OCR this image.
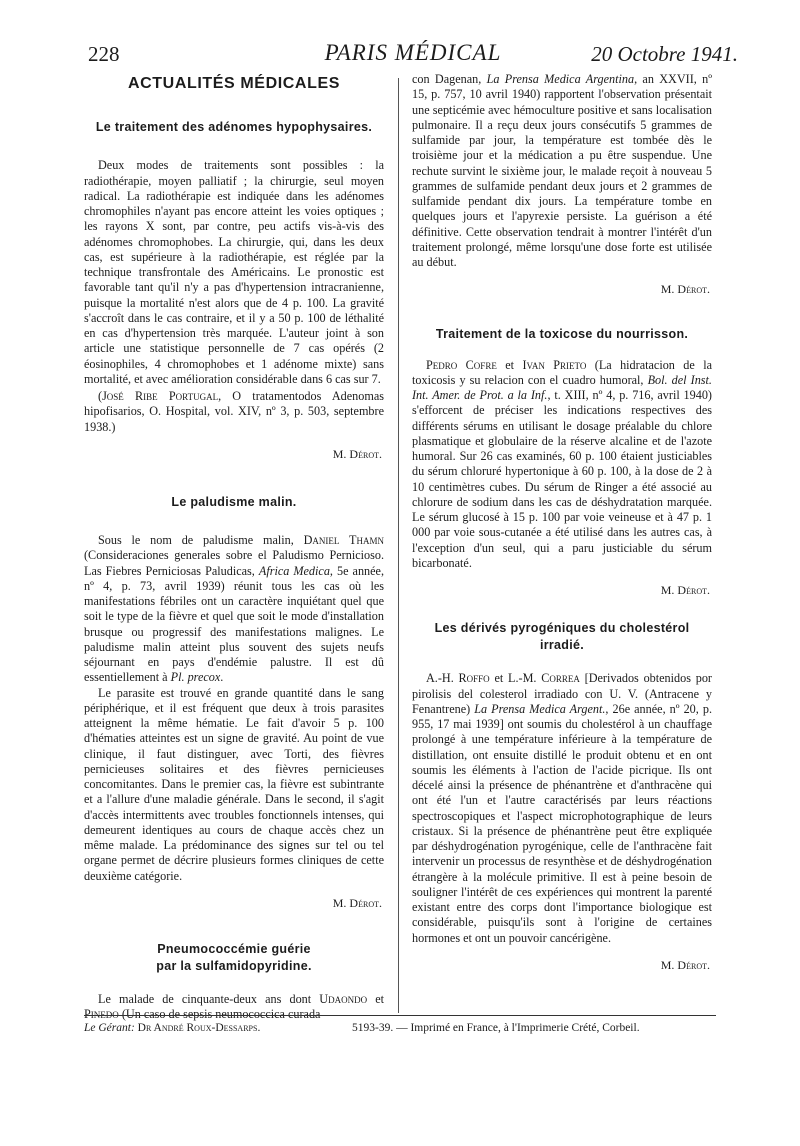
228	PARIS MÉDICAL	20 Octobre 1941.
ACTUALITÉS MÉDICALES
Le traitement des adénomes hypophysaires.

Deux modes de traitements sont possibles : la radiothérapie, moyen palliatif ; la chirurgie, seul moyen radical. La radiothérapie est indiquée dans les adénomes chromophiles n'ayant pas encore atteint les voies optiques ; les rayons X sont, par contre, peu actifs vis-à-vis des adénomes chromophobes. La chirurgie, qui, dans les deux cas, est supérieure à la radiothérapie, est réglée par la technique transfrontale des Américains. Le pronostic est favorable tant qu'il n'y a pas d'hypertension intracranienne, puisque la mortalité n'est alors que de 4 p. 100. La gravité s'accroît dans le cas contraire, et il y a 50 p. 100 de léthalité en cas d'hypertension très marquée. L'auteur joint à son article une statistique personnelle de 7 cas opérés (2 éosinophiles, 4 chromophobes et 1 adénome mixte) sans mortalité, et avec amélioration considérable dans 6 cas sur 7.

(José Ribe Portugal, O tratamentodos Adenomas hipofisarios, O. Hospital, vol. XIV, nº 3, p. 503, septembre 1938.)

M. Dérot.
Le paludisme malin.

Sous le nom de paludisme malin, Daniel Thamn (Consideraciones generales sobre el Paludismo Pernicioso. Las Fiebres Perniciosas Paludicas, Africa Medica, 5e année, nº 4, p. 73, avril 1939) réunit tous les cas où les manifestations fébriles ont un caractère inquiétant quel que soit le type de la fièvre et quel que soit le mode d'installation brusque ou progressif des manifestations malignes. Le paludisme malin atteint plus souvent des sujets neufs séjournant en pays d'endémie palustre. Il est dû essentiellement à Pl. precox.

Le parasite est trouvé en grande quantité dans le sang périphérique, et il est fréquent que deux à trois parasites atteignent la même hématie. Le fait d'avoir 5 p. 100 d'hématies atteintes est un signe de gravité. Au point de vue clinique, il faut distinguer, avec Torti, des fièvres pernicieuses solitaires et des fièvres pernicieuses concomitantes. Dans le premier cas, la fièvre est subintrante et a l'allure d'une maladie générale. Dans le second, il s'agit d'accès intermittents avec troubles fonctionnels intenses, qui demeurent identiques au cours de chaque accès chez un même malade. La prédominance des signes sur tel ou tel organe permet de décrire plusieurs formes cliniques de cette deuxième catégorie.

M. Dérot.
Pneumococcémie guérie
par la sulfamidopyridine.

Le malade de cinquante-deux ans dont Udaondo et Pinedo (Un caso de sepsis neumococcica curada

con Dagenan, La Prensa Medica Argentina, an XXVII, nº 15, p. 757, 10 avril 1940) rapportent l'observation présentait une septicémie avec hémoculture positive et sans localisation pulmonaire. Il a reçu deux jours consécutifs 5 grammes de sulfamide par jour, la température est tombée dès le troisième jour et la médication a pu être suspendue. Une rechute survint le sixième jour, le malade reçoit à nouveau 5 grammes de sulfamide pendant deux jours et 2 grammes de sulfamide pendant dix jours. La température tombe en quelques jours et l'apyrexie persiste. La guérison a été définitive. Cette observation tendrait à montrer l'intérêt d'un traitement prolongé, même lorsqu'une dose forte est utilisée au début.

M. Dérot.
Traitement de la toxicose du nourrisson.

Pedro Cofre et Ivan Prieto (La hidratacion de la toxicosis y su relacion con el cuadro humoral, Bol. del Inst. Int. Amer. de Prot. a la Inf., t. XIII, nº 4, p. 716, avril 1940) s'efforcent de préciser les indications respectives des différents sérums en utilisant le dosage préalable du chlore plasmatique et globulaire de la réserve alcaline et de l'azote humoral. Sur 26 cas examinés, 60 p. 100 étaient justiciables du sérum chloruré hypertonique à 60 p. 100, à la dose de 2 à 10 centimètres cubes. Du sérum de Ringer a été associé au chlorure de sodium dans les cas de déshydratation marquée. Le sérum glucosé à 15 p. 100 par voie veineuse et à 47 p. 1 000 par voie sous-cutanée a été utilisé dans les autres cas, à l'exception d'un seul, qui a paru justiciable du sérum bicarbonaté.

M. Dérot.
Les dérivés pyrogéniques du cholestérol
irradié.

A.-H. Roffo et L.-M. Correa [Derivados obtenidos por pirolisis del colesterol irradiado con U. V. (Antracene y Fenantrene) La Prensa Medica Argent., 26e année, nº 20, p. 955, 17 mai 1939] ont soumis du cholestérol à un chauffage prolongé à une température inférieure à la température de distillation, ont ensuite distillé le produit obtenu et en ont soumis les éléments à l'action de l'acide picrique. Ils ont décelé ainsi la présence de phénantrène et d'anthracène qui ont été l'un et l'autre caractérisés par leurs réactions spectroscopiques et l'aspect microphotographique de leurs cristaux. Si la présence de phénantrène peut être expliquée par déshydrogénation pyrogénique, celle de l'anthracène fait intervenir un processus de resynthèse et de déshydrogénation étrangère à la molécule primitive. Il est à peine besoin de souligner l'intérêt de ces expériences qui montrent la parenté existant entre des corps dont l'importance biologique est considérable, puisqu'ils sont à l'origine de certaines hormones et ont un pouvoir cancérigène.

M. Dérot.
Le Gérant: Dr André Roux-Dessarps.	5193-39. — Imprimé en France, à l'Imprimerie Crété, Corbeil.
